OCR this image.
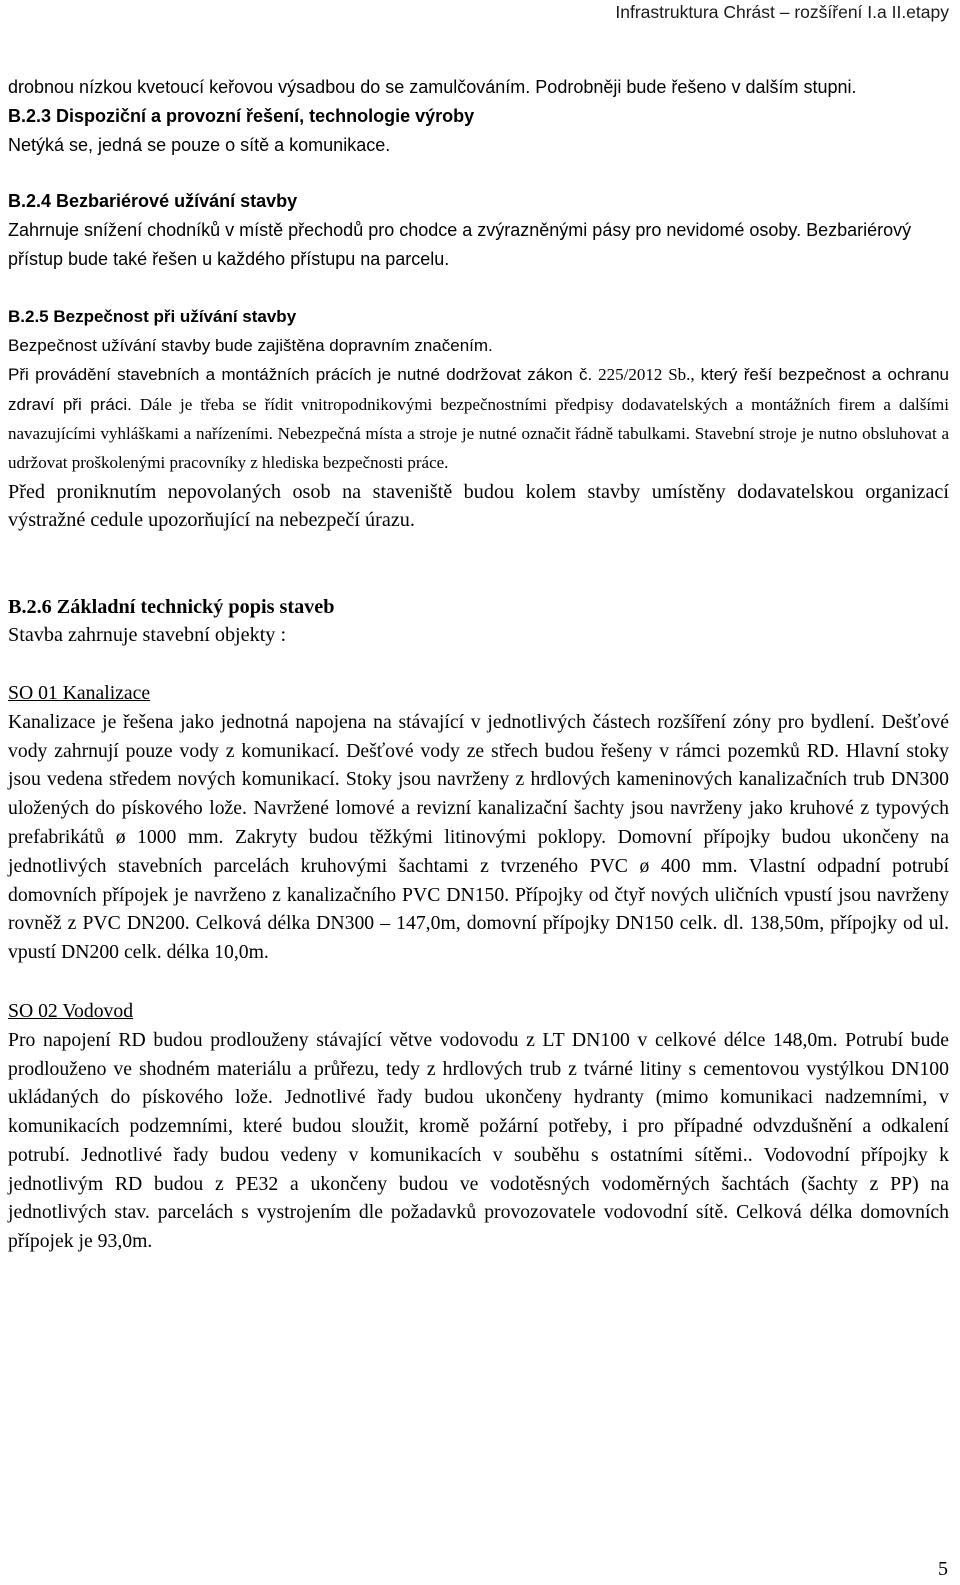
Infrastruktura Chrást – rozšíření I.a II.etapy

drobnou nízkou kvetoucí keřovou výsadbou do se zamulčováním. Podrobněji bude řešeno v dalším stupni.

B.2.3 Dispoziční a provozní řešení, technologie výroby

Netýká se, jedná se pouze o sítě a komunikace.

B.2.4 Bezbariérové užívání stavby

Zahrnuje snížení chodníků v místě přechodů pro chodce a zvýrazněnými pásy pro nevidomé osoby. Bezbariérový přístup bude také řešen u každého přístupu na parcelu.

B.2.5 Bezpečnost při užívání stavby

Bezpečnost užívání stavby bude zajištěna dopravním značením.

Při provádění stavebních a montážních prácích je nutné dodržovat zákon č. 225/2012 Sb., který řeší bezpečnost a ochranu zdraví při práci. Dále je třeba se řídit vnitropodnikovými bezpečnostními předpisy dodavatelských a montážních firem a dalšími navazujícími vyhláškami a nařízeními. Nebezpečná místa a stroje je nutné označit řádně tabulkami. Stavební stroje je nutno obsluhovat a udržovat proškolenými pracovníky z hlediska bezpečnosti práce.

Před proniknutím nepovolaných osob na staveniště budou kolem stavby umístěny dodavatelskou organizací výstražné cedule upozorňující na nebezpečí úrazu.

B.2.6 Základní technický popis staveb

Stavba zahrnuje stavební objekty :

SO 01 Kanalizace

Kanalizace je řešena jako jednotná napojena na stávající v jednotlivých částech rozšíření zóny pro bydlení. Dešťové vody zahrnují pouze vody z komunikací. Dešťové vody ze střech budou řešeny v rámci pozemků RD. Hlavní stoky jsou vedena středem nových komunikací. Stoky jsou navrženy z hrdlových kameninových kanalizačních trub DN300 uložených do pískového lože. Navržené lomové a revizní kanalizační šachty jsou navrženy jako kruhové z typových prefabrikátů ø 1000 mm. Zakryty budou těžkými litinovými poklopy. Domovní přípojky budou ukončeny na jednotlivých stavebních parcelách kruhovými šachtami z tvrzeného PVC ø 400 mm. Vlastní odpadní potrubí domovních přípojek je navrženo z kanalizačního PVC DN150. Přípojky od čtyř nových uličních vpustí jsou navrženy rovněž z PVC DN200. Celková délka DN300 – 147,0m, domovní přípojky DN150 celk. dl. 138,50m, přípojky od ul. vpustí DN200 celk. délka 10,0m.

SO 02 Vodovod

Pro napojení RD budou prodlouženy stávající větve vodovodu z LT DN100 v celkové délce 148,0m. Potrubí bude prodlouženo ve shodném materiálu a průřezu, tedy z hrdlových trub z tvárné litiny s cementovou vystýlkou DN100 ukládaných do pískového lože. Jednotlivé řady budou ukončeny hydranty (mimo komunikaci nadzemními, v komunikacích podzemními, které budou sloužit, kromě požární potřeby, i pro případné odvzdušnění a odkalení potrubí. Jednotlivé řady budou vedeny v komunikacích v souběhu s ostatními sítěmi.. Vodovodní přípojky k jednotlivým RD budou z PE32 a ukončeny budou ve vodotěsných vodoměrných šachtách (šachty z PP) na jednotlivých stav. parcelách s vystrojením dle požadavků provozovatele vodovodní sítě. Celková délka domovních přípojek je 93,0m.

5
